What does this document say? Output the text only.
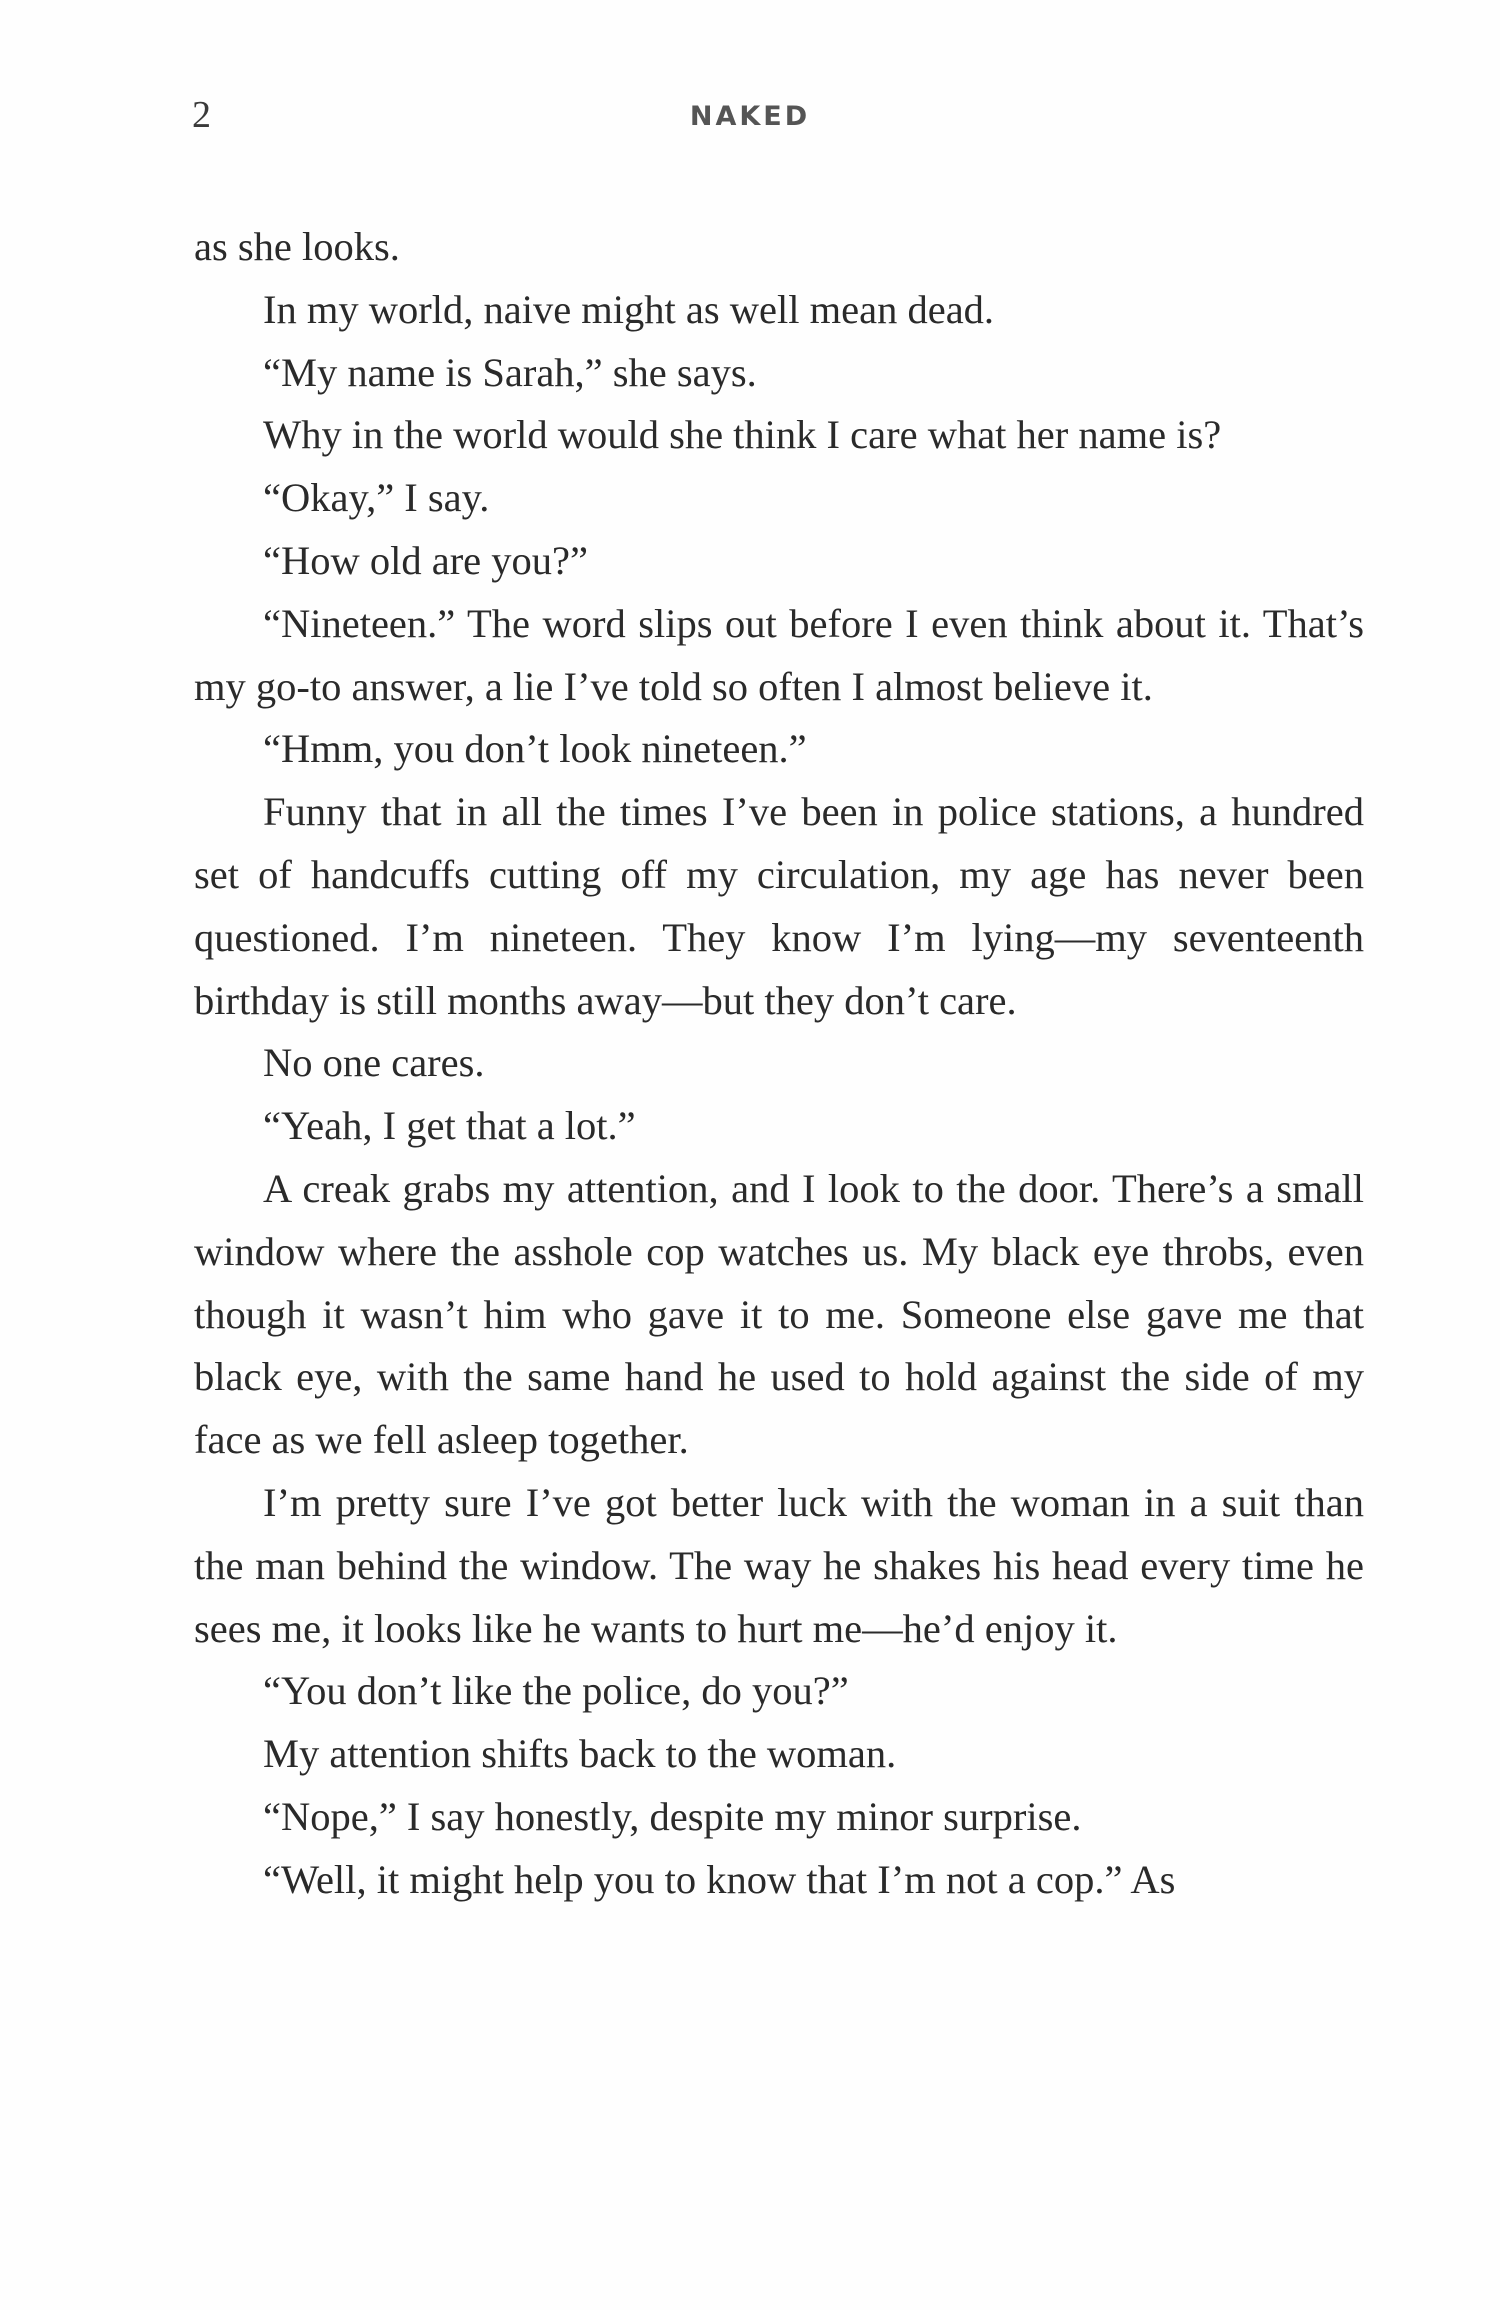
2	NAKED

as she looks.

In my world, naive might as well mean dead.

“My name is Sarah,” she says.

Why in the world would she think I care what her name is?

“Okay,” I say.

“How old are you?”

“Nineteen.” The word slips out before I even think about it. That’s my go-to answer, a lie I’ve told so often I almost believe it.

“Hmm, you don’t look nineteen.”

Funny that in all the times I’ve been in police stations, a hundred set of handcuffs cutting off my circulation, my age has never been questioned. I’m nineteen. They know I’m lying—my seventeenth birthday is still months away—but they don’t care.

No one cares.

“Yeah, I get that a lot.”

A creak grabs my attention, and I look to the door. There’s a small window where the asshole cop watches us. My black eye throbs, even though it wasn’t him who gave it to me. Someone else gave me that black eye, with the same hand he used to hold against the side of my face as we fell asleep together.

I’m pretty sure I’ve got better luck with the woman in a suit than the man behind the window. The way he shakes his head every time he sees me, it looks like he wants to hurt me—he’d enjoy it.

“You don’t like the police, do you?”

My attention shifts back to the woman.

“Nope,” I say honestly, despite my minor surprise.

“Well, it might help you to know that I’m not a cop.” As
